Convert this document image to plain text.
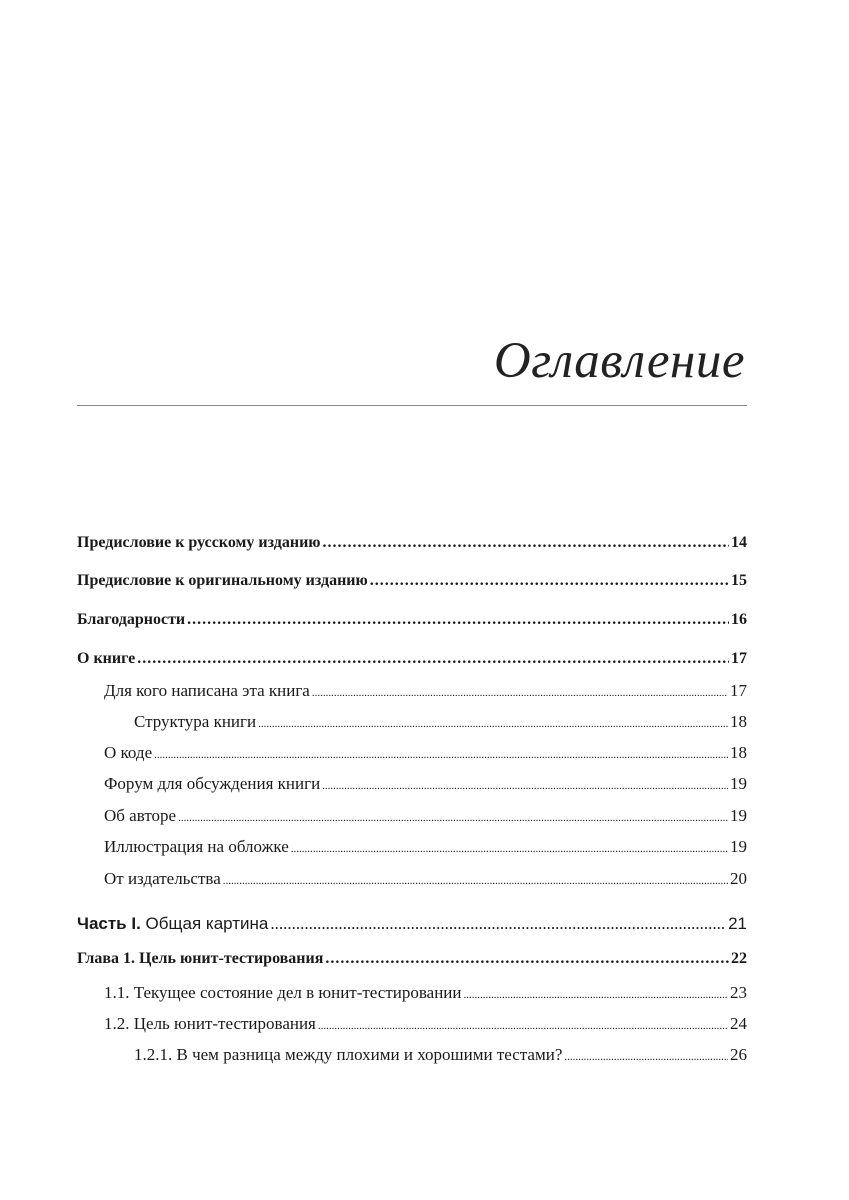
Оглавление
Предисловие к русскому изданию .....	14
Предисловие к оригинальному изданию .....	15
Благодарности .....	16
О книге .....	17
Для кого написана эта книга .....	17
Структура книги .....	18
О коде .....	18
Форум для обсуждения книги .....	19
Об авторе .....	19
Иллюстрация на обложке .....	19
От издательства .....	20
Часть I. Общая картина .....	21
Глава 1. Цель юнит-тестирования .....	22
1.1. Текущее состояние дел в юнит-тестировании .....	23
1.2. Цель юнит-тестирования .....	24
1.2.1. В чем разница между плохими и хорошими тестами? .....	26
